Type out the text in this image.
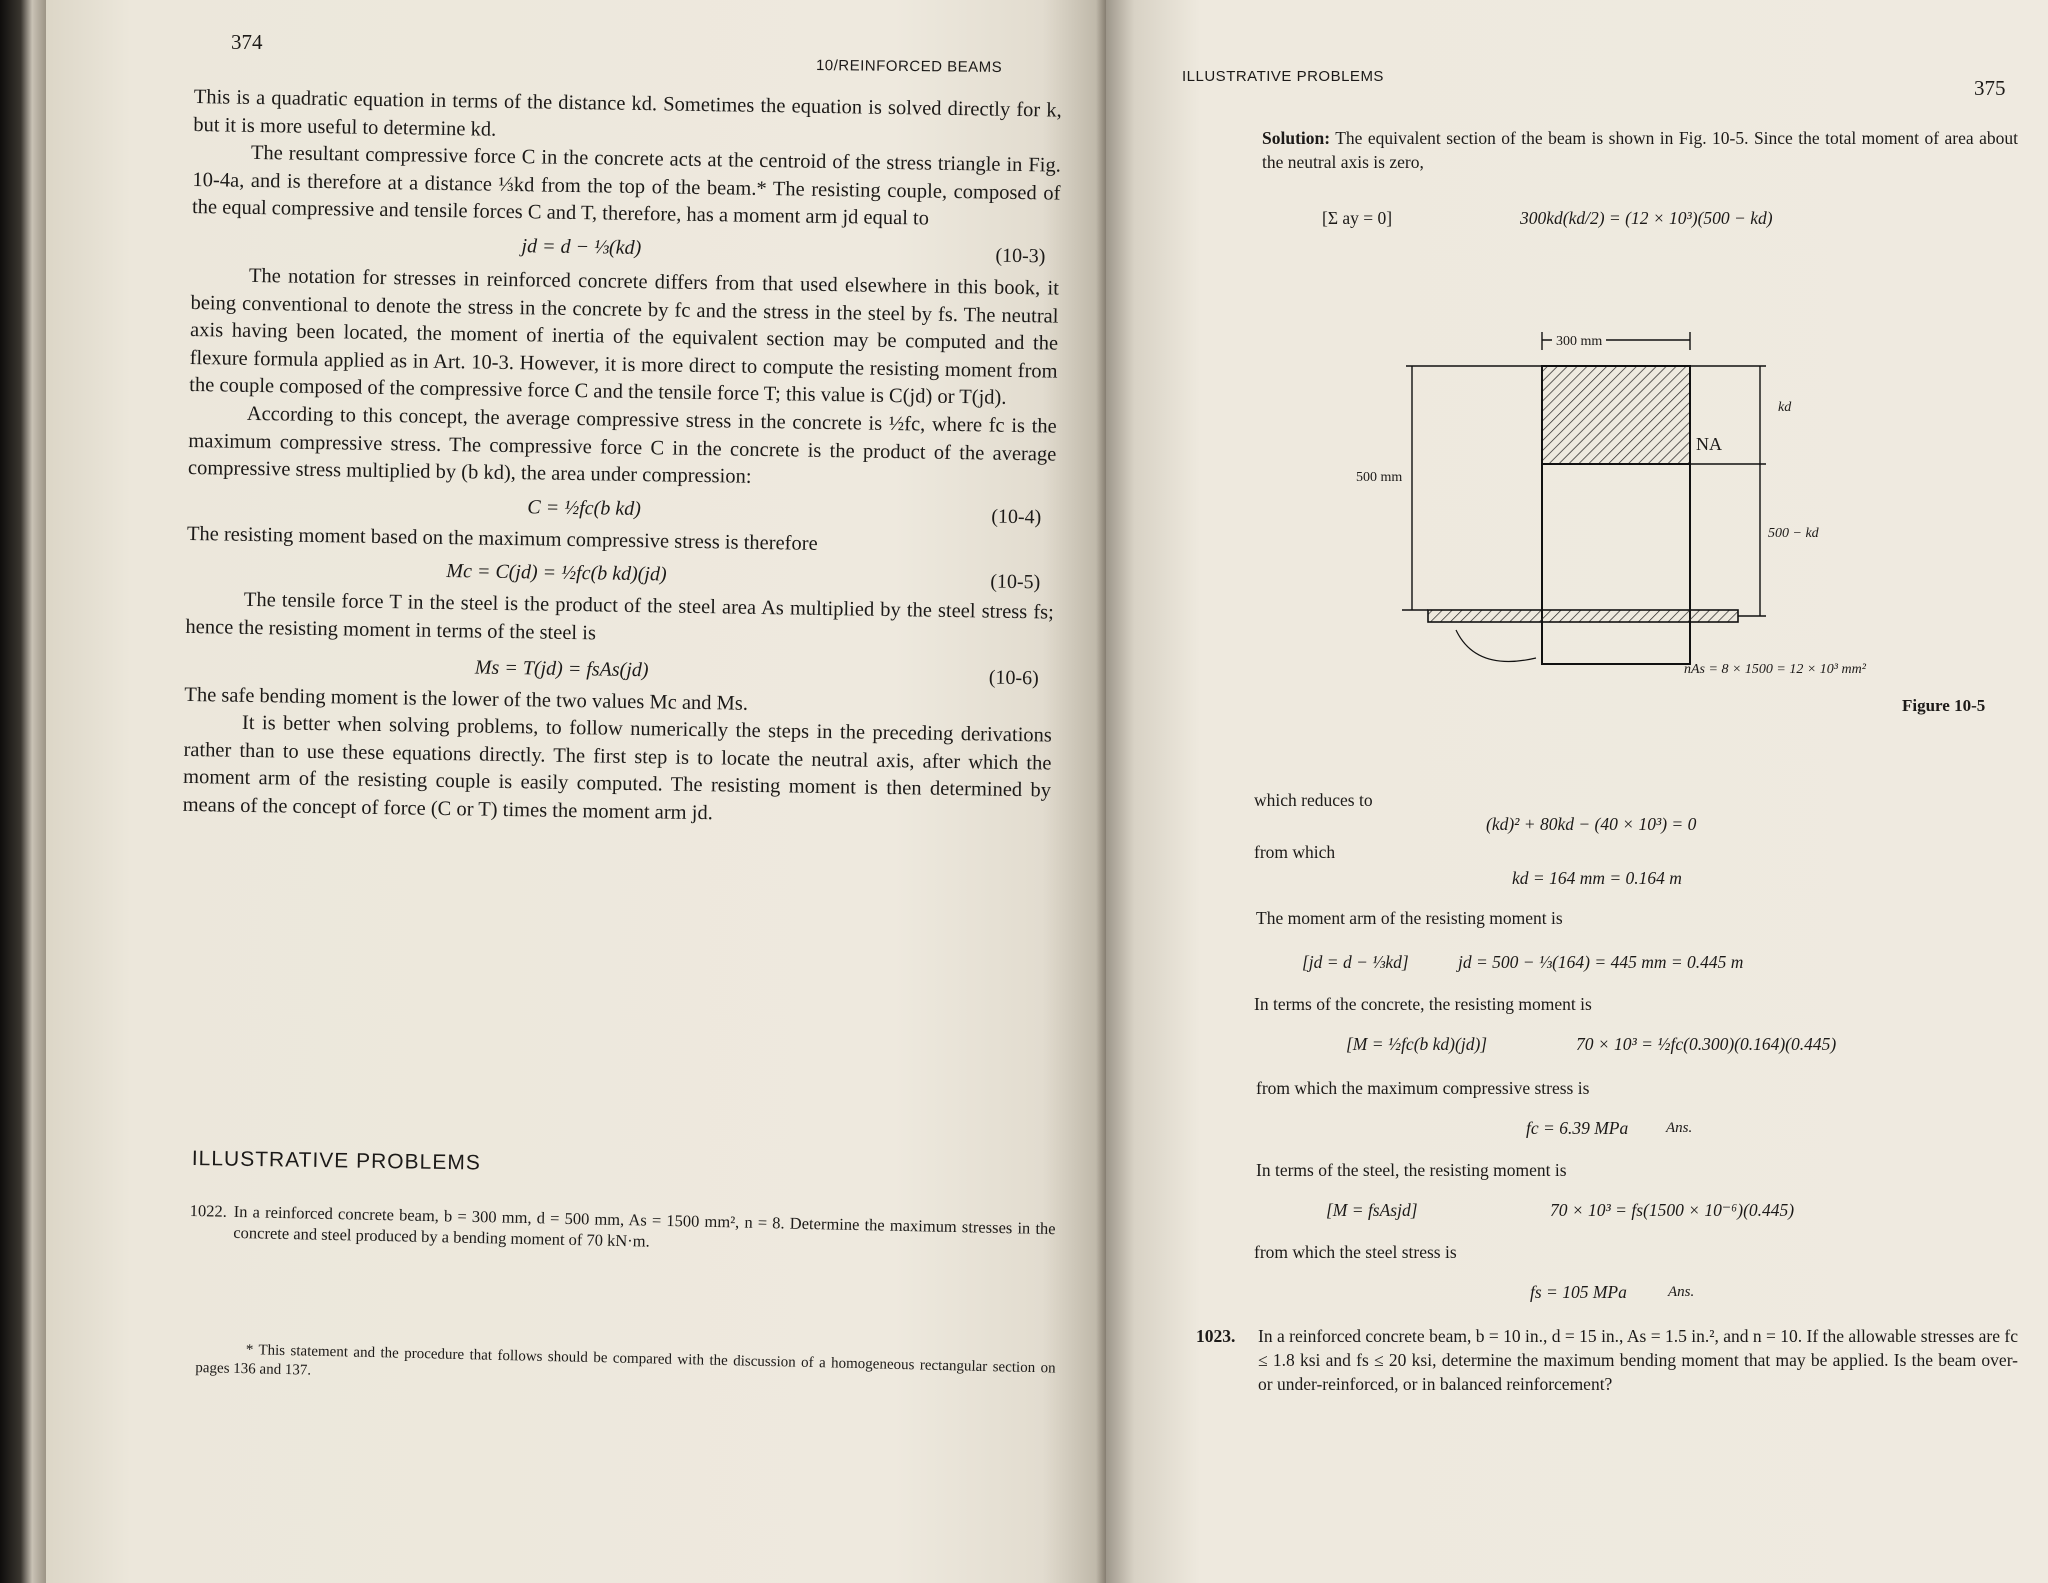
374
10/REINFORCED BEAMS

This is a quadratic equation in terms of the distance kd. Sometimes the equation is solved directly for k, but it is more useful to determine kd.

The resultant compressive force C in the concrete acts at the centroid of the stress triangle in Fig. 10-4a, and is therefore at a distance ⅓kd from the top of the beam.* The resisting couple, composed of the equal compressive and tensile forces C and T, therefore, has a moment arm jd equal to

jd = d − ⅓(kd)	(10-3)

The notation for stresses in reinforced concrete differs from that used elsewhere in this book, it being conventional to denote the stress in the concrete by fc and the stress in the steel by fs. The neutral axis having been located, the moment of inertia of the equivalent section may be computed and the flexure formula applied as in Art. 10-3. However, it is more direct to compute the resisting moment from the couple composed of the compressive force C and the tensile force T; this value is C(jd) or T(jd).

According to this concept, the average compressive stress in the concrete is ½fc, where fc is the maximum compressive stress. The compressive force C in the concrete is the product of the average compressive stress multiplied by (b kd), the area under compression:

C = ½fc(b kd)	(10-4)

The resisting moment based on the maximum compressive stress is therefore

Mc = C(jd) = ½fc(b kd)(jd)	(10-5)

The tensile force T in the steel is the product of the steel area As multiplied by the steel stress fs; hence the resisting moment in terms of the steel is

Ms = T(jd) = fsAs(jd)	(10-6)

The safe bending moment is the lower of the two values Mc and Ms.

It is better when solving problems, to follow numerically the steps in the preceding derivations rather than to use these equations directly. The first step is to locate the neutral axis, after which the moment arm of the resisting couple is easily computed. The resisting moment is then determined by means of the concept of force (C or T) times the moment arm jd.

ILLUSTRATIVE PROBLEMS
1022. In a reinforced concrete beam, b = 300 mm, d = 500 mm, As = 1500 mm², n = 8. Determine the maximum stresses in the concrete and steel produced by a bending moment of 70 kN·m.
* This statement and the procedure that follows should be compared with the discussion of a homogeneous rectangular section on pages 136 and 137.
ILLUSTRATIVE PROBLEMS	375
Solution: The equivalent section of the beam is shown in Fig. 10-5. Since the total moment of area about the neutral axis is zero,
[Σ ay = 0]	300kd(kd/2) = (12 × 10³)(500 − kd)
300 mm
500 mm
kd
NA
500 − kd
nAs = 8 × 1500 = 12 × 10³ mm²
Figure 10-5
which reduces to
(kd)² + 80kd − (40 × 10³) = 0
from which
kd = 164 mm = 0.164 m
The moment arm of the resisting moment is
[jd = d − ⅓kd]	jd = 500 − ⅓(164) = 445 mm = 0.445 m
In terms of the concrete, the resisting moment is
[M = ½fc(b kd)(jd)]	70 × 10³ = ½fc(0.300)(0.164)(0.445)
from which the maximum compressive stress is
fc = 6.39 MPa	Ans.
In terms of the steel, the resisting moment is
[M = fsAsjd]	70 × 10³ = fs(1500 × 10⁻⁶)(0.445)
from which the steel stress is
fs = 105 MPa	Ans.
1023.	In a reinforced concrete beam, b = 10 in., d = 15 in., As = 1.5 in.², and n = 10. If the allowable stresses are fc ≤ 1.8 ksi and fs ≤ 20 ksi, determine the maximum bending moment that may be applied. Is the beam over- or under-reinforced, or in balanced reinforcement?
